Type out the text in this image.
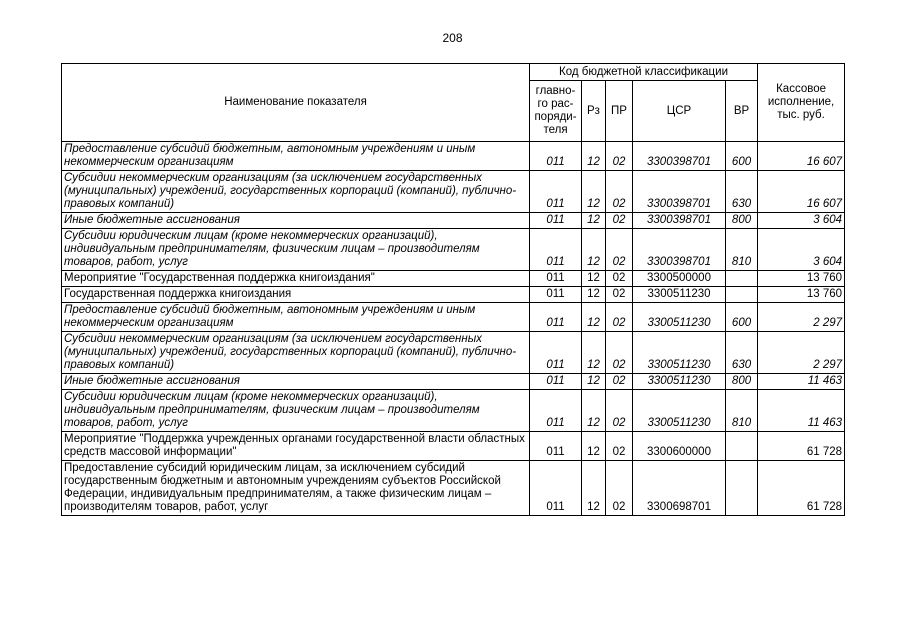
208
Наименование показателя	Код бюджетной классификации					Кассовое исполнение, тыс. руб.
	главно-го рас-поряди-теля	Рз	ПР	ЦСР	ВР	
Предоставление субсидий бюджетным, автономным учреждениям и иным некоммерческим организациям	011	12	02	3300398701	600	16 607
Субсидии некоммерческим организациям (за исключением государственных (муниципальных) учреждений, государственных корпораций (компаний), публично-правовых компаний)	011	12	02	3300398701	630	16 607
Иные бюджетные ассигнования	011	12	02	3300398701	800	3 604
Субсидии юридическим лицам (кроме некоммерческих организаций), индивидуальным предпринимателям, физическим лицам – производителям товаров, работ, услуг	011	12	02	3300398701	810	3 604
Мероприятие "Государственная поддержка книгоиздания"	011	12	02	3300500000		13 760
Государственная поддержка книгоиздания	011	12	02	3300511230		13 760
Предоставление субсидий бюджетным, автономным учреждениям и иным некоммерческим организациям	011	12	02	3300511230	600	2 297
Субсидии некоммерческим организациям (за исключением государственных (муниципальных) учреждений, государственных корпораций (компаний), публично-правовых компаний)	011	12	02	3300511230	630	2 297
Иные бюджетные ассигнования	011	12	02	3300511230	800	11 463
Субсидии юридическим лицам (кроме некоммерческих организаций), индивидуальным предпринимателям, физическим лицам – производителям товаров, работ, услуг	011	12	02	3300511230	810	11 463
Мероприятие "Поддержка учрежденных органами государственной власти областных средств массовой информации"	011	12	02	3300600000		61 728
Предоставление субсидий юридическим лицам, за исключением субсидий государственным бюджетным и автономным учреждениям субъектов Российской Федерации, индивидуальным предпринимателям, а также физическим лицам – производителям товаров, работ, услуг	011	12	02	3300698701		61 728
